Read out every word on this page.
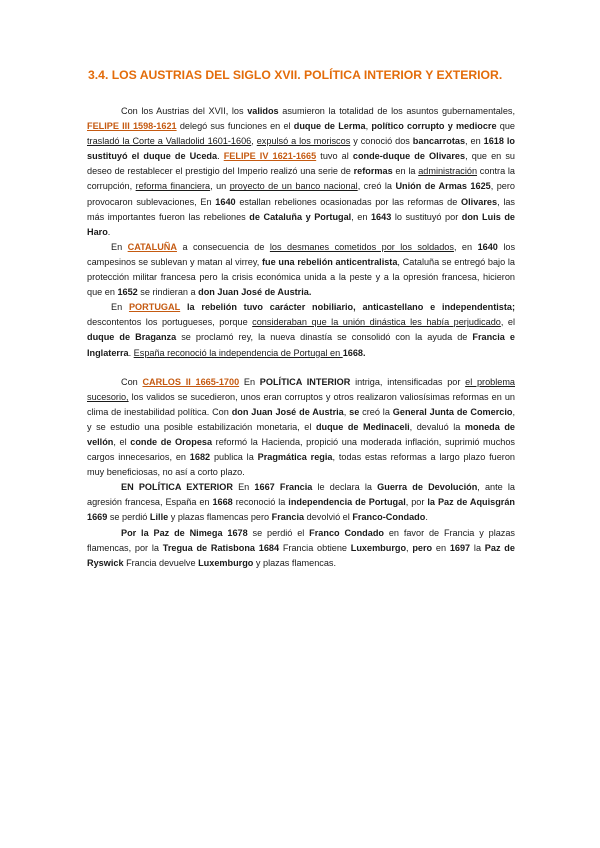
3.4. LOS AUSTRIAS DEL SIGLO XVII. POLÍTICA INTERIOR Y EXTERIOR.

Con los Austrias del XVII, los validos asumieron la totalidad de los asuntos gubernamentales, FELIPE III 1598-1621 delegó sus funciones en el duque de Lerma, político corrupto y mediocre que trasladó la Corte a Valladolid 1601-1606, expulsó a los moriscos y conoció dos bancarrotas, en 1618 lo sustituyó el duque de Uceda. FELIPE IV 1621-1665 tuvo al conde-duque de Olivares, que en su deseo de restablecer el prestigio del Imperio realizó una serie de reformas en la administración contra la corrupción, reforma financiera, un proyecto de un banco nacional, creó la Unión de Armas 1625, pero provocaron sublevaciones, En 1640 estallan rebeliones ocasionadas por las reformas de Olivares, las más importantes fueron las rebeliones de Cataluña y Portugal, en 1643 lo sustituyó por don Luis de Haro.

En CATALUÑA a consecuencia de los desmanes cometidos por los soldados, en 1640 los campesinos se sublevan y matan al virrey, fue una rebelión anticentralista, Cataluña se entregó bajo la protección militar francesa pero la crisis económica unida a la peste y a la opresión francesa, hicieron que en 1652 se rindieran a don Juan José de Austria.

En PORTUGAL la rebelión tuvo carácter nobiliario, anticastellano e independentista; descontentos los portugueses, porque consideraban que la unión dinástica les había perjudicado, el duque de Braganza se proclamó rey, la nueva dinastía se consolidó con la ayuda de Francia e Inglaterra. España reconoció la independencia de Portugal en 1668.

Con CARLOS II 1665-1700 En POLÍTICA INTERIOR intriga, intensificadas por el problema sucesorio, los validos se sucedieron, unos eran corruptos y otros realizaron valiosísimas reformas en un clima de inestabilidad política. Con don Juan José de Austria, se creó la General Junta de Comercio, y se estudio una posible estabilización monetaria, el duque de Medinaceli, devaluó la moneda de vellón, el conde de Oropesa reformó la Hacienda, propició una moderada inflación, suprimió muchos cargos innecesarios, en 1682 publica la Pragmática regia, todas estas reformas a largo plazo fueron muy beneficiosas, no así a corto plazo.

EN POLÍTICA EXTERIOR En 1667 Francia le declara la Guerra de Devolución, ante la agresión francesa, España en 1668 reconoció la independencia de Portugal, por la Paz de Aquisgrán 1669 se perdió Lille y plazas flamencas pero Francia devolvió el Franco-Condado.

Por la Paz de Nimega 1678 se perdió el Franco Condado en favor de Francia y plazas flamencas, por la Tregua de Ratisbona 1684 Francia obtiene Luxemburgo, pero en 1697 la Paz de Ryswick Francia devuelve Luxemburgo y plazas flamencas.
